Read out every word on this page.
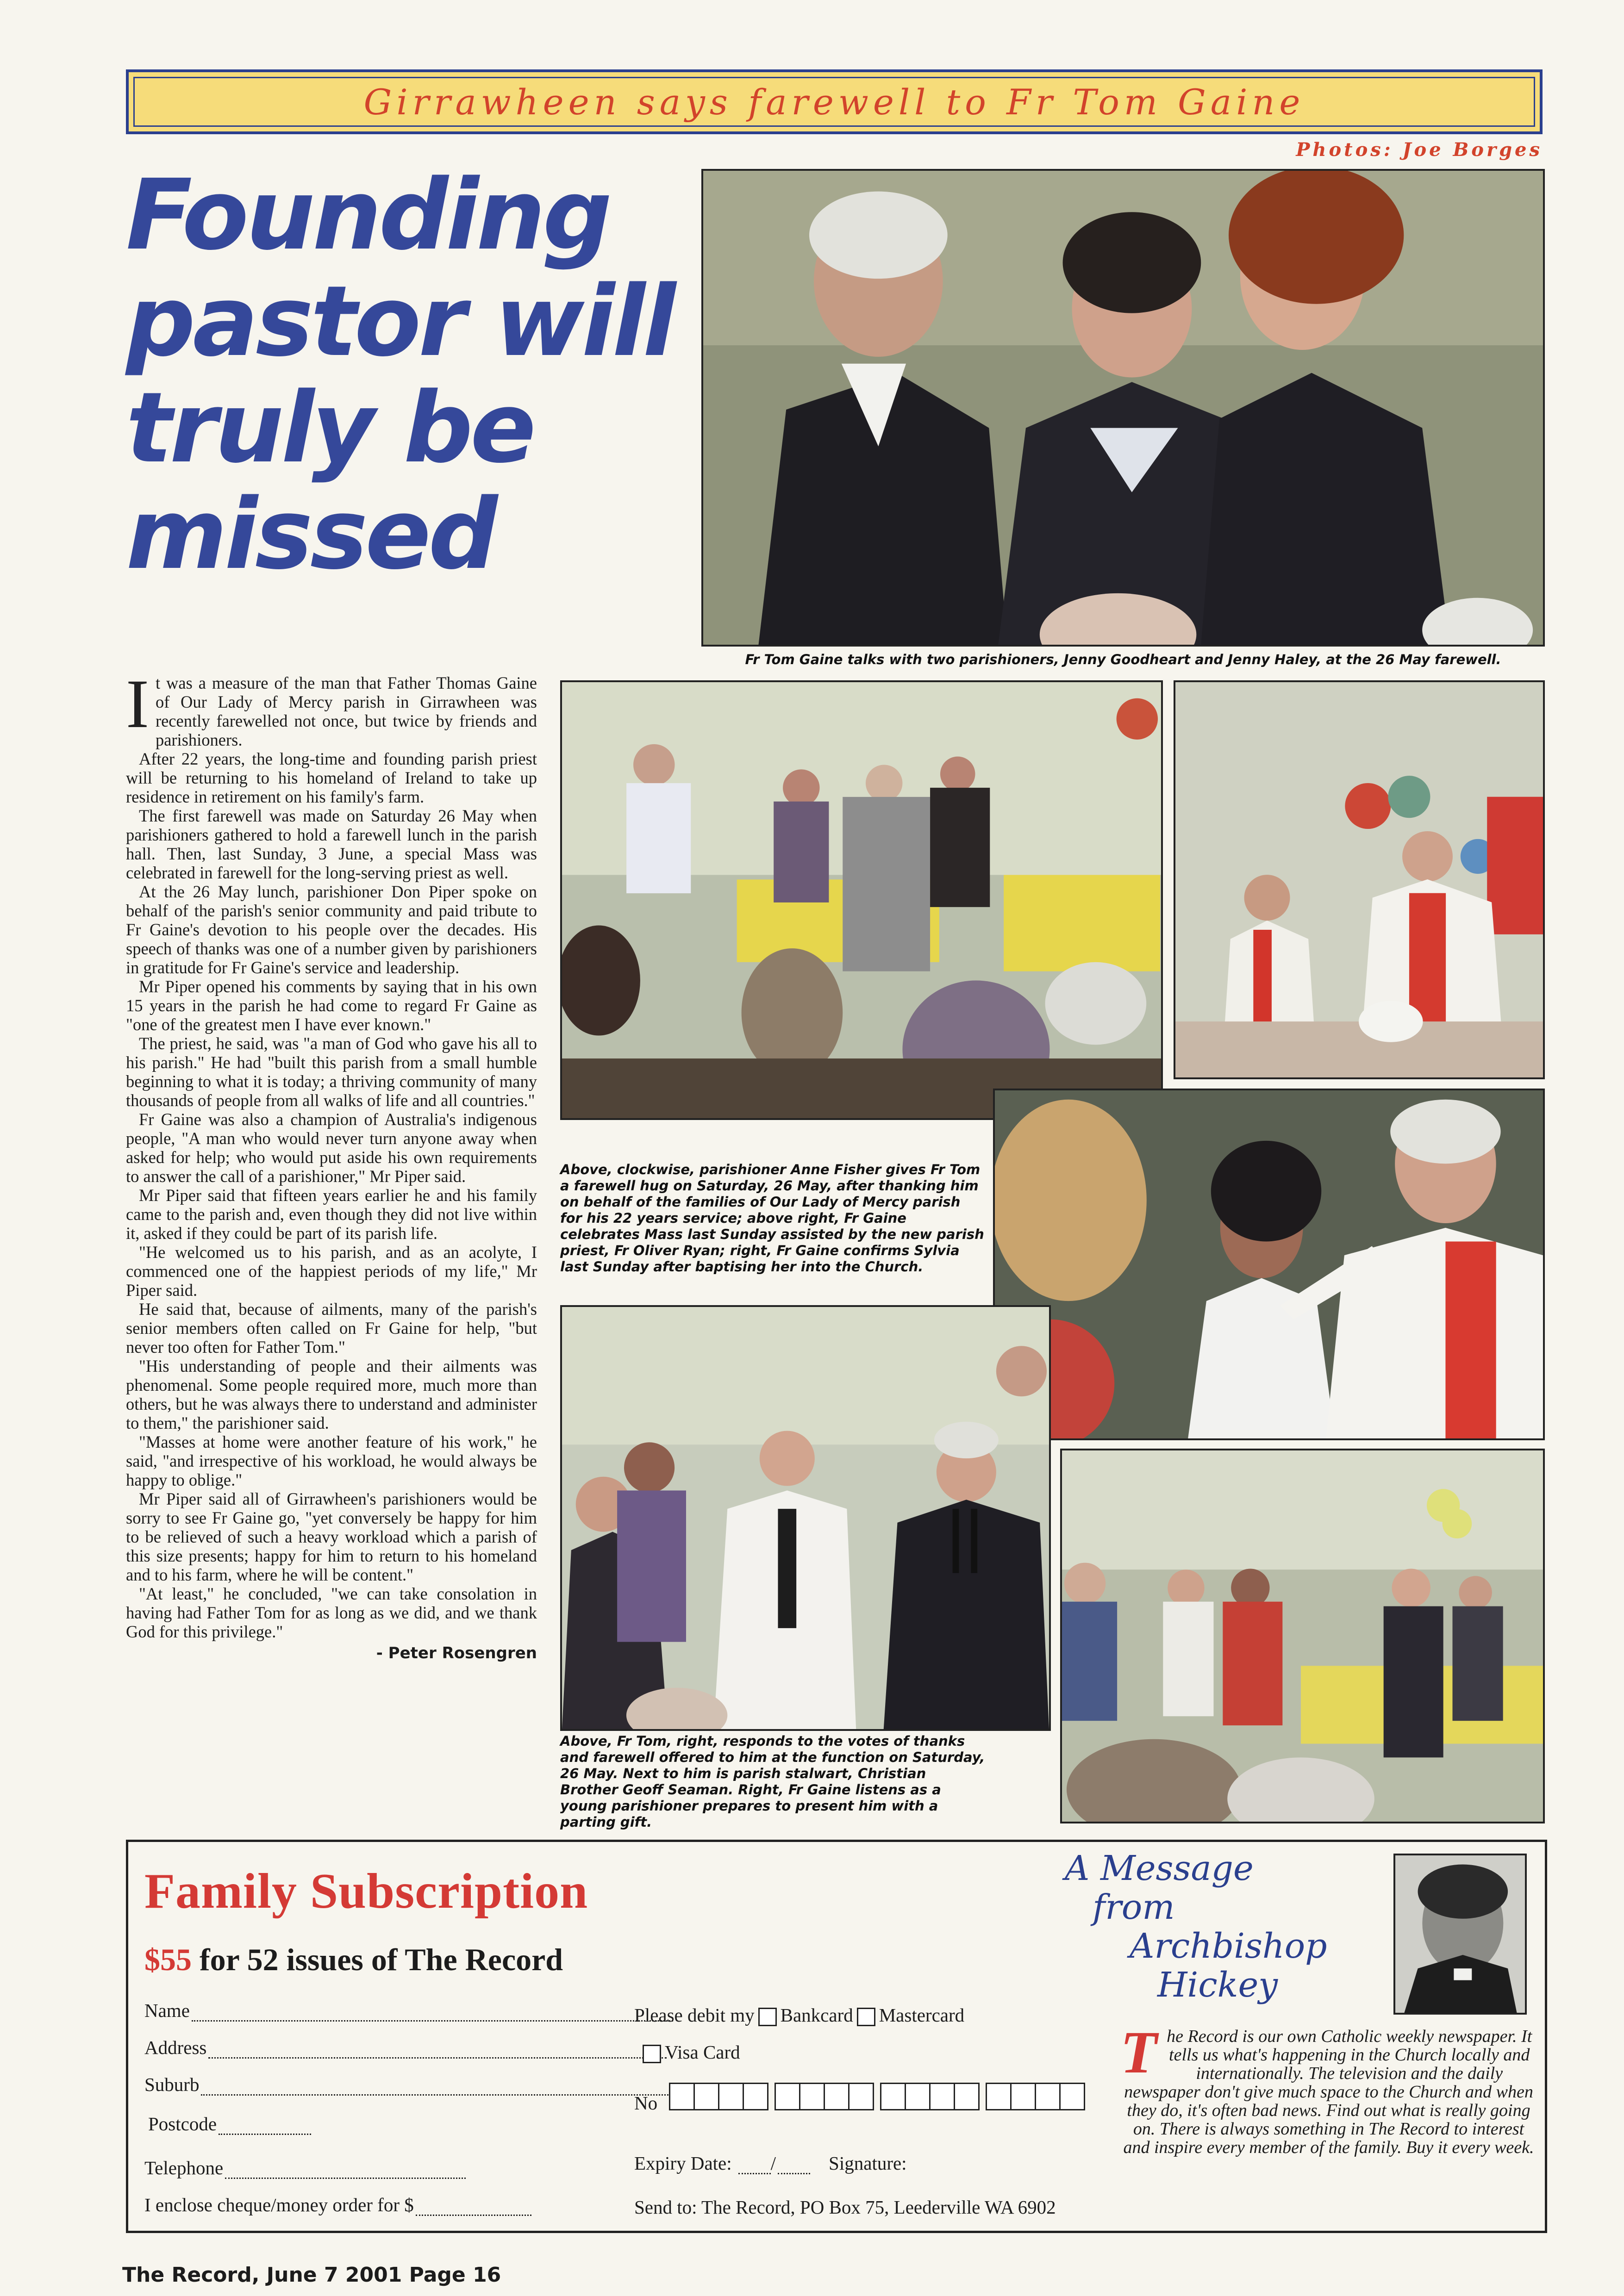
Girrawheen says farewell to Fr Tom Gaine
Photos: Joe Borges
Founding
pastor will
truly be
missed

It was a measure of the man that Father Thomas Gaine of Our Lady of Mercy parish in Girrawheen was recently farewelled not once, but twice by friends and parishioners.

After 22 years, the long-time and founding parish priest will be returning to his homeland of Ireland to take up residence in retirement on his family's farm.

The first farewell was made on Saturday 26 May when parishioners gathered to hold a farewell lunch in the parish hall. Then, last Sunday, 3 June, a special Mass was celebrated in farewell for the long-serving priest as well.

At the 26 May lunch, parishioner Don Piper spoke on behalf of the parish's senior community and paid tribute to Fr Gaine's devotion to his people over the decades. His speech of thanks was one of a number given by parishioners in gratitude for Fr Gaine's service and leadership.

Mr Piper opened his comments by saying that in his own 15 years in the parish he had come to regard Fr Gaine as "one of the greatest men I have ever known."

The priest, he said, was "a man of God who gave his all to his parish." He had "built this parish from a small humble beginning to what it is today; a thriving community of many thousands of people from all walks of life and all countries."

Fr Gaine was also a champion of Australia's indigenous people, "A man who would never turn anyone away when asked for help; who would put aside his own requirements to answer the call of a parishioner," Mr Piper said.

Mr Piper said that fifteen years earlier he and his family came to the parish and, even though they did not live within it, asked if they could be part of its parish life.

"He welcomed us to his parish, and as an acolyte, I commenced one of the happiest periods of my life," Mr Piper said.

He said that, because of ailments, many of the parish's senior members often called on Fr Gaine for help, "but never too often for Father Tom."

"His understanding of people and their ailments was phenomenal. Some people required more, much more than others, but he was always there to understand and administer to them," the parishioner said.

"Masses at home were another feature of his work," he said, "and irrespective of his workload, he would always be happy to oblige."

Mr Piper said all of Girrawheen's parishioners would be sorry to see Fr Gaine go, "yet conversely be happy for him to be relieved of such a heavy workload which a parish of this size presents; happy for him to return to his homeland and to his farm, where he will be content."

"At least," he concluded, "we can take consolation in having had Father Tom for as long as we did, and we thank God for this privilege."

- Peter Rosengren
Fr Tom Gaine talks with two parishioners, Jenny Goodheart and Jenny Haley, at the 26 May farewell.
Above, clockwise, parishioner Anne Fisher gives Fr Tom a farewell hug on Saturday, 26 May, after thanking him on behalf of the families of Our Lady of Mercy parish for his 22 years service; above right, Fr Gaine celebrates Mass last Sunday assisted by the new parish priest, Fr Oliver Ryan; right, Fr Gaine confirms Sylvia last Sunday after baptising her into the Church.
Above, Fr Tom, right, responds to the votes of thanks and farewell offered to him at the function on Saturday, 26 May. Next to him is parish stalwart, Christian Brother Geoff Seaman. Right, Fr Gaine listens as a young parishioner prepares to present him with a parting gift.
Family Subscription
$55 for 52 issues of The Record
Name
Address
Suburb
Postcode
Telephone
I enclose cheque/money order for $
Please debit my Bankcard Mastercard
Visa Card
No
Expiry Date: /	Signature:
Send to: The Record, PO Box 75, Leederville WA 6902
A Message
from
Archbishop
Hickey
The Record is our own Catholic weekly newspaper. It tells us what's happening in the Church locally and internationally. The television and the daily newspaper don't give much space to the Church and when they do, it's often bad news. Find out what is really going on. There is always something in The Record to interest and inspire every member of the family. Buy it every week.
The Record, June 7 2001 Page 16
